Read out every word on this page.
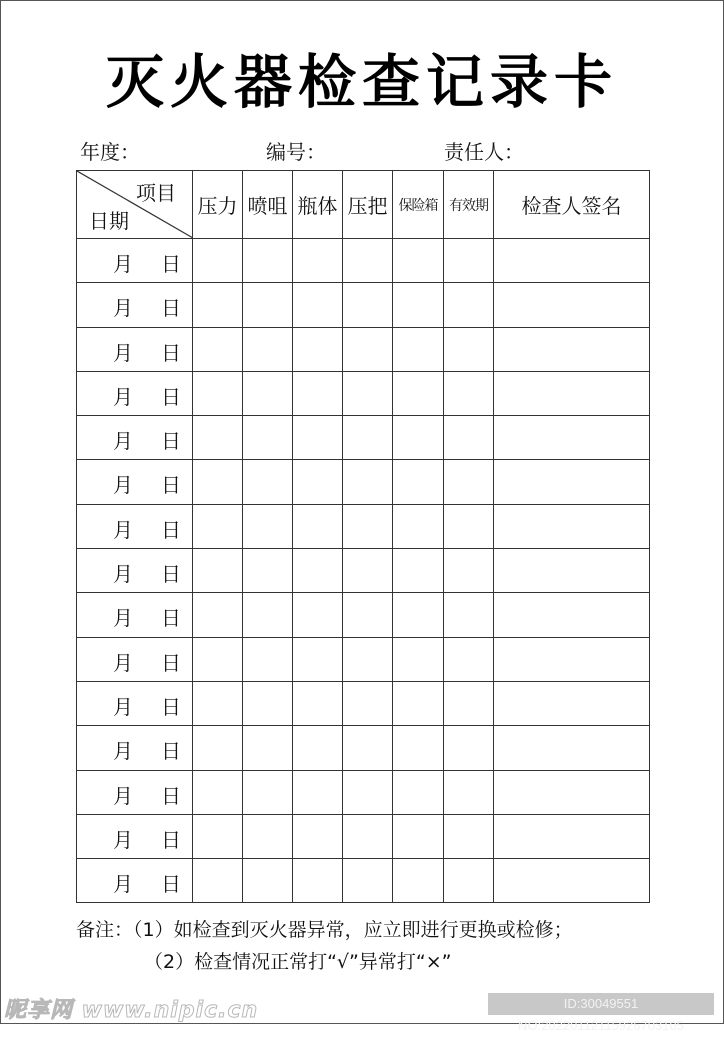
灭火器检查记录卡
年度：	编号：	责任人：
项目
日期	压力	喷咀	瓶体	压把	保险箱	有效期	检查人签名

月 日							

月 日							

月 日							

月 日							

月 日							

月 日							

月 日							

月 日							

月 日							

月 日							

月 日							

月 日							

月 日							

月 日							

月 日							

备注：（1）如检查到灭火器异常，应立即进行更换或检修；
（2）检查情况正常打“√”异常打“×”
昵享网 www.nipic.cn	ID:30049551 NO:20220112115926703105
